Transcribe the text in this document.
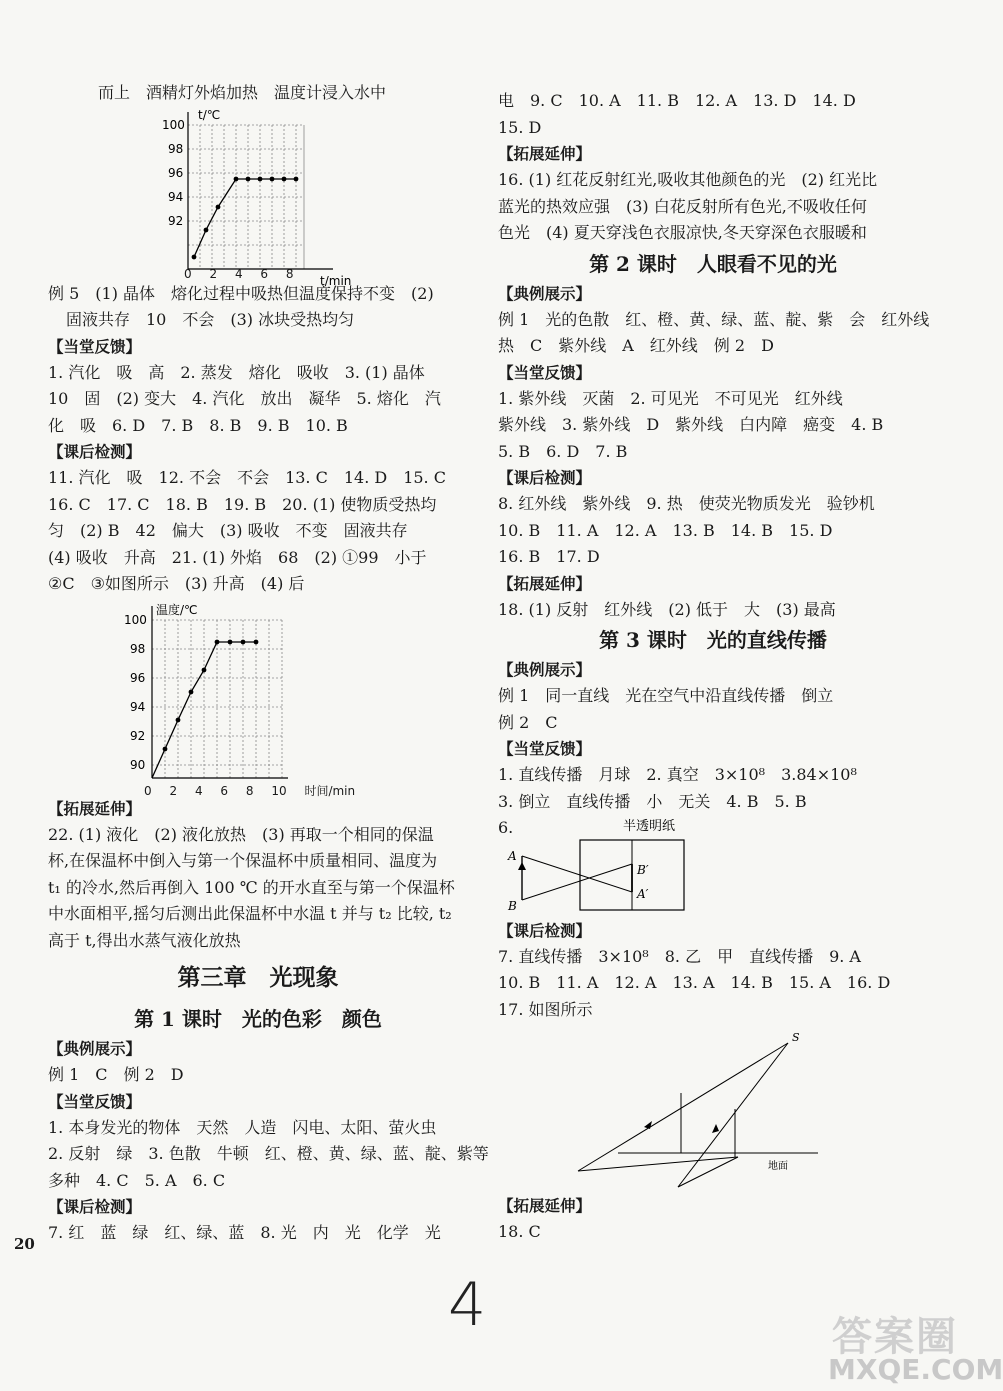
而上　酒精灯外焰加热　温度计浸入水中
t/℃
t/min
100
98
96
94
92
0 2 4 6 8
例 5　(1) 晶体　熔化过程中吸热但温度保持不变　(2)
固液共存　10　不会　(3) 冰块受热均匀
【当堂反馈】
1. 汽化　吸　高　2. 蒸发　熔化　吸收　3. (1) 晶体
10　固　(2) 变大　4. 汽化　放出　凝华　5. 熔化　汽
化　吸　6. D　7. B　8. B　9. B　10. B
【课后检测】
11. 汽化　吸　12. 不会　不会　13. C　14. D　15. C
16. C　17. C　18. B　19. B　20. (1) 使物质受热均
匀　(2) B　42　偏大　(3) 吸收　不变　固液共存
(4) 吸收　升高　21. (1) 外焰　68　(2) ①99　小于
②C　③如图所示　(3) 升高　(4) 后
温度/℃
100
98
96
94
92
90
0 2 4 6 8 10 时间/min
【拓展延伸】
22. (1) 液化　(2) 液化放热　(3) 再取一个相同的保温
杯,在保温杯中倒入与第一个保温杯中质量相同、温度为
t₁ 的冷水,然后再倒入 100 ℃ 的开水直至与第一个保温杯
中水面相平,摇匀后测出此保温杯中水温 t 并与 t₂ 比较, t₂
高于 t,得出水蒸气液化放热
第三章　光现象
第 1 课时　光的色彩　颜色
【典例展示】
例 1　C　例 2　D
【当堂反馈】
1. 本身发光的物体　天然　人造　闪电、太阳、萤火虫
2. 反射　绿　3. 色散　牛顿　红、橙、黄、绿、蓝、靛、紫等
多种　4. C　5. A　6. C
【课后检测】
7. 红　蓝　绿　红、绿、蓝　8. 光　内　光　化学　光
电　9. C　10. A　11. B　12. A　13. D　14. D
15. D
【拓展延伸】
16. (1) 红花反射红光,吸收其他颜色的光　(2) 红光比
蓝光的热效应强　(3) 白花反射所有色光,不吸收任何
色光　(4) 夏天穿浅色衣服凉快,冬天穿深色衣服暖和
第 2 课时　人眼看不见的光
【典例展示】
例 1　光的色散　红、橙、黄、绿、蓝、靛、紫　会　红外线
热　C　紫外线　A　红外线　例 2　D
【当堂反馈】
1. 紫外线　灭菌　2. 可见光　不可见光　红外线
紫外线　3. 紫外线　D　紫外线　白内障　癌变　4. B
5. B　6. D　7. B
【课后检测】
8. 红外线　紫外线　9. 热　使荧光物质发光　验钞机
10. B　11. A　12. A　13. B　14. B　15. D
16. B　17. D
【拓展延伸】
18. (1) 反射　红外线　(2) 低于　大　(3) 最高
第 3 课时　光的直线传播
【典例展示】
例 1　同一直线　光在空气中沿直线传播　倒立
例 2　C
【当堂反馈】
1. 直线传播　月球　2. 真空　3×10⁸　3.84×10⁸
3. 倒立　直线传播　小　无关　4. B　5. B
6.	半透明纸
A
B
B′
A′
【课后检测】
7. 直线传播　3×10⁸　8. 乙　甲　直线传播　9. A
10. B　11. A　12. A　13. A　14. B　15. A　16. D
17. 如图所示
S
地面
【拓展延伸】
18. C
20
4	答案圈
MXQE.COM
